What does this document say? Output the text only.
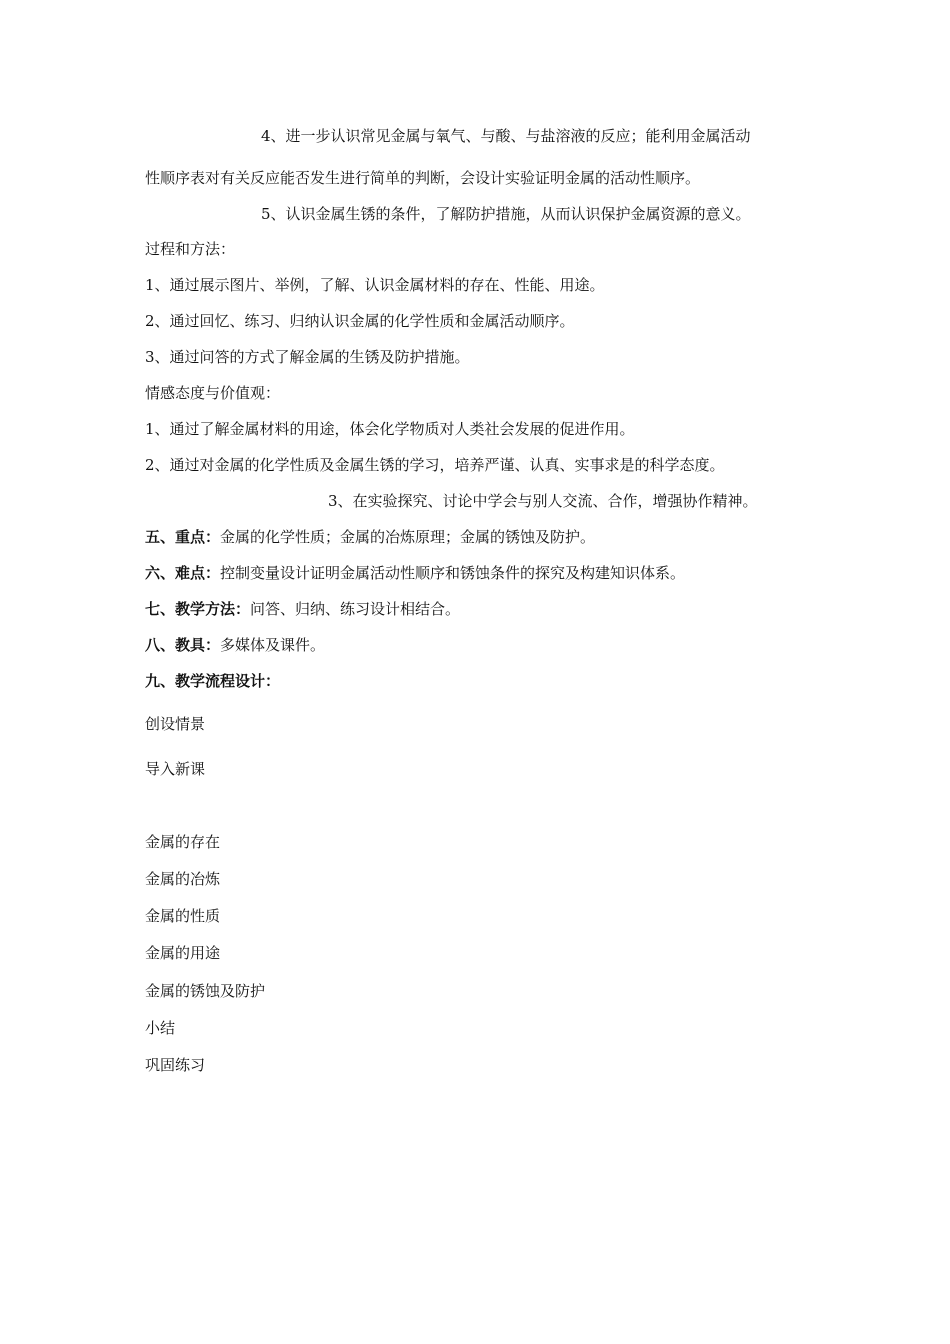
4、进一步认识常见金属与氧气、与酸、与盐溶液的反应；能利用金属活动
性顺序表对有关反应能否发生进行简单的判断，会设计实验证明金属的活动性顺序。
5、认识金属生锈的条件，了解防护措施，从而认识保护金属资源的意义。
过程和方法：
1、通过展示图片、举例，了解、认识金属材料的存在、性能、用途。
2、通过回忆、练习、归纳认识金属的化学性质和金属活动顺序。
3、通过问答的方式了解金属的生锈及防护措施。
情感态度与价值观：
1、通过了解金属材料的用途，体会化学物质对人类社会发展的促进作用。
2、通过对金属的化学性质及金属生锈的学习，培养严谨、认真、实事求是的科学态度。
3、在实验探究、讨论中学会与别人交流、合作，增强协作精神。
五、重点：金属的化学性质；金属的冶炼原理；金属的锈蚀及防护。
六、难点：控制变量设计证明金属活动性顺序和锈蚀条件的探究及构建知识体系。
七、教学方法：问答、归纳、练习设计相结合。
八、教具：多媒体及课件。
九、教学流程设计：
创设情景
导入新课
金属的存在
金属的冶炼
金属的性质
金属的用途
金属的锈蚀及防护
小结
巩固练习
